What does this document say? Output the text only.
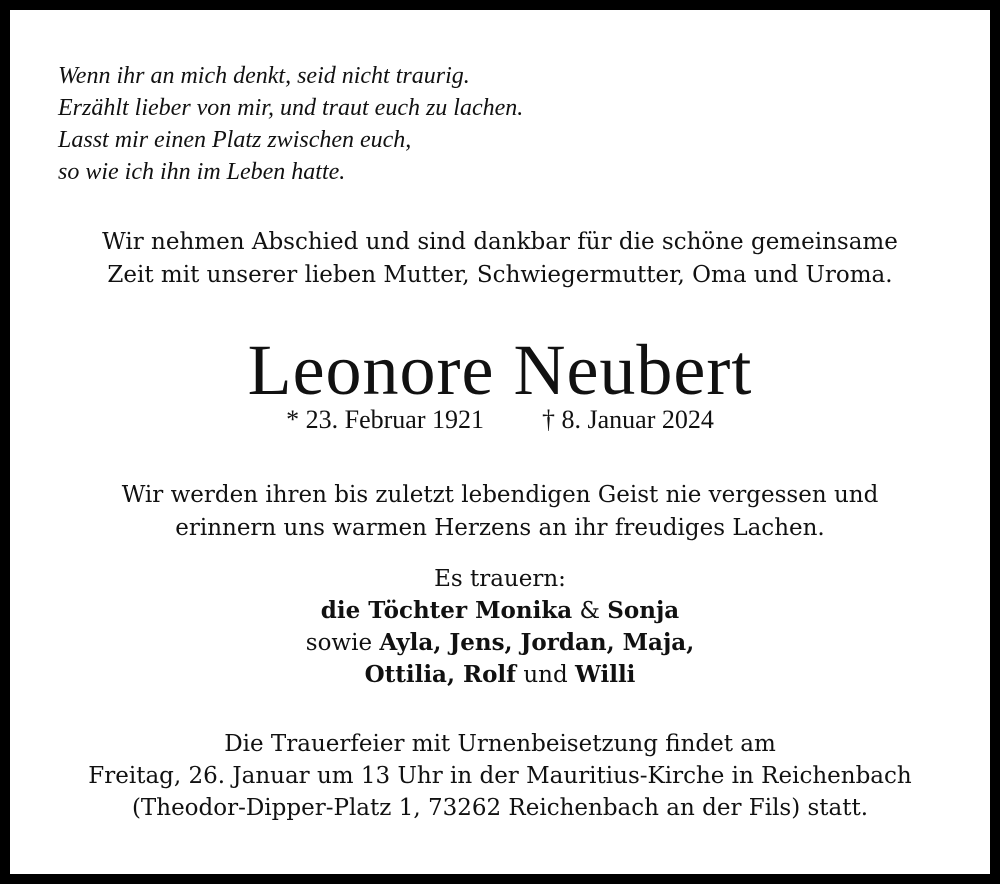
Wenn ihr an mich denkt, seid nicht traurig.
Erzählt lieber von mir, und traut euch zu lachen.
Lasst mir einen Platz zwischen euch,
so wie ich ihn im Leben hatte.
Wir nehmen Abschied und sind dankbar für die schöne gemeinsame
Zeit mit unserer lieben Mutter, Schwiegermutter, Oma und Uroma.
Leonore Neubert
* 23. Februar 1921 † 8. Januar 2024
Wir werden ihren bis zuletzt lebendigen Geist nie vergessen und
erinnern uns warmen Herzens an ihr freudiges Lachen.
Es trauern:
die Töchter Monika & Sonja
sowie Ayla, Jens, Jordan, Maja,
Ottilia, Rolf und Willi
Die Trauerfeier mit Urnenbeisetzung findet am
Freitag, 26. Januar um 13 Uhr in der Mauritius-Kirche in Reichenbach
(Theodor-Dipper-Platz 1, 73262 Reichenbach an der Fils) statt.
